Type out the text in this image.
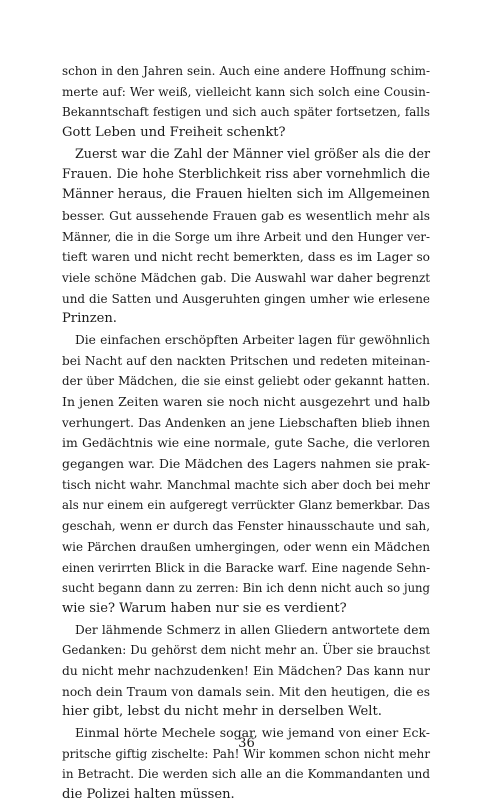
schon in den Jahren sein. Auch eine andere Hoffnung schim-
merte auf: Wer weiß, vielleicht kann sich solch eine Cousin-
Bekanntschaft festigen und sich auch später fortsetzen, falls
Gott Leben und Freiheit schenkt?
Zuerst war die Zahl der Männer viel größer als die der
Frauen. Die hohe Sterblichkeit riss aber vornehmlich die
Männer heraus, die Frauen hielten sich im Allgemeinen
besser. Gut aussehende Frauen gab es wesentlich mehr als
Männer, die in die Sorge um ihre Arbeit und den Hunger ver-
tieft waren und nicht recht bemerkten, dass es im Lager so
viele schöne Mädchen gab. Die Auswahl war daher begrenzt
und die Satten und Ausgeruhten gingen umher wie erlesene
Prinzen.
Die einfachen erschöpften Arbeiter lagen für gewöhnlich
bei Nacht auf den nackten Pritschen und redeten miteinan-
der über Mädchen, die sie einst geliebt oder gekannt hatten.
In jenen Zeiten waren sie noch nicht ausgezehrt und halb
verhungert. Das Andenken an jene Liebschaften blieb ihnen
im Gedächtnis wie eine normale, gute Sache, die verloren
gegangen war. Die Mädchen des Lagers nahmen sie prak-
tisch nicht wahr. Manchmal machte sich aber doch bei mehr
als nur einem ein aufgeregt verrückter Glanz bemerkbar. Das
geschah, wenn er durch das Fenster hinausschaute und sah,
wie Pärchen draußen umhergingen, oder wenn ein Mädchen
einen verirrten Blick in die Baracke warf. Eine nagende Sehn-
sucht begann dann zu zerren: Bin ich denn nicht auch so jung
wie sie? Warum haben nur sie es verdient?
Der lähmende Schmerz in allen Gliedern antwortete dem
Gedanken: Du gehörst dem nicht mehr an. Über sie brauchst
du nicht mehr nachzudenken! Ein Mädchen? Das kann nur
noch dein Traum von damals sein. Mit den heutigen, die es
hier gibt, lebst du nicht mehr in derselben Welt.
Einmal hörte Mechele sogar, wie jemand von einer Eck-
pritsche giftig zischelte: Pah! Wir kommen schon nicht mehr
in Betracht. Die werden sich alle an die Kommandanten und
die Polizei halten müssen.
36
